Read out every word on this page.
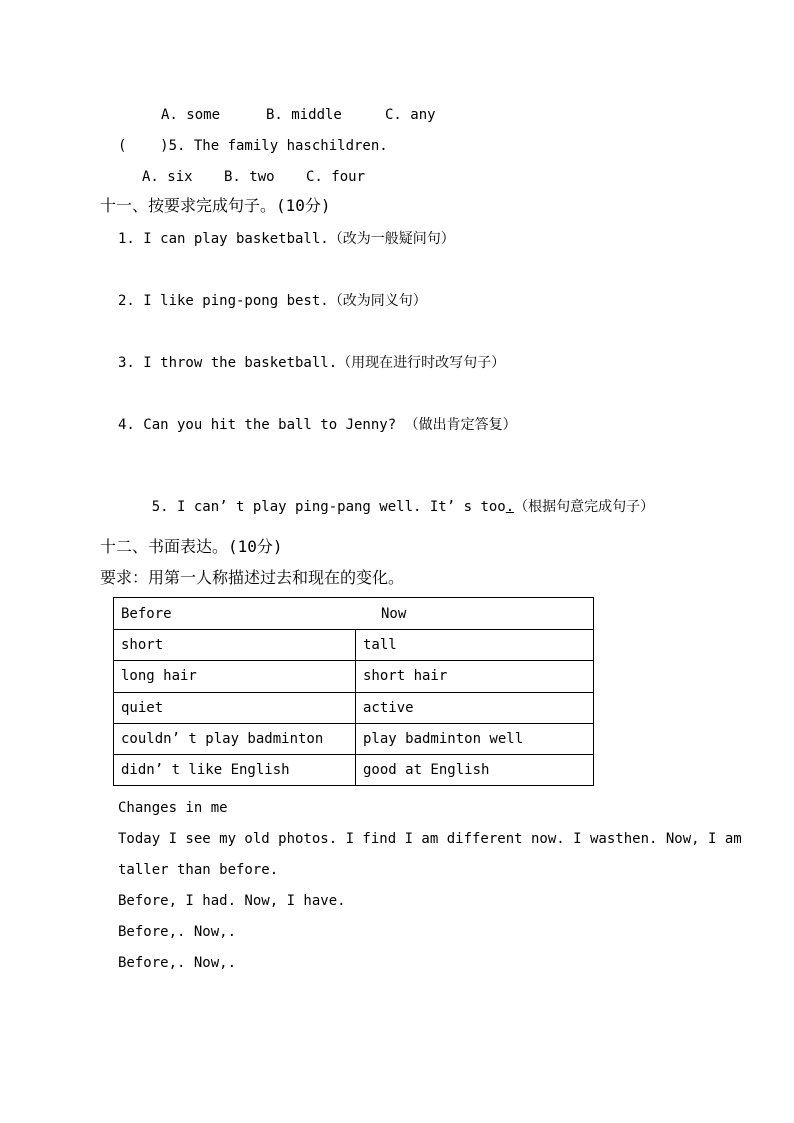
A. some	B. middle	C. any
(    )5. The family haschildren.
A. six B. two C. four
十一、按要求完成句子。(10分)
1. I can play basketball.（改为一般疑问句）
2. I like ping-pong best.（改为同义句）
3. I throw the basketball.（用现在进行时改写句子）
4. Can you hit the ball to Jenny? （做出肯定答复）

5. I can’ t play ping-pang well. It’ s too.（根据句意完成句子）

十二、书面表达。(10分)
要求：用第一人称描述过去和现在的变化。
Before	Now
short	tall
long hair	short hair
quiet	active
couldn’ t play badminton	play badminton well
didn’ t like English	good at English
Changes in me
Today I see my old photos. I find I am different now. I wasthen. Now, I am
taller than before.
Before, I had. Now, I have.
Before,. Now,.
Before,. Now,.
